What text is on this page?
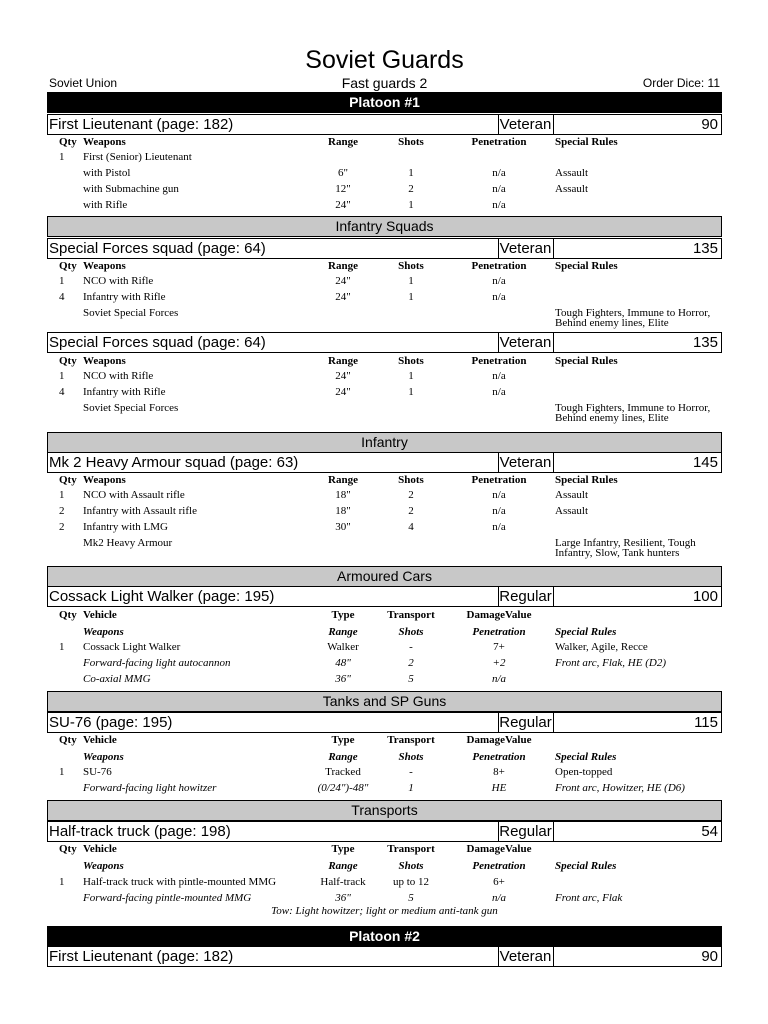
Soviet Guards
Soviet Union	Fast guards 2	Order Dice: 11
Platoon #1
First Lieutenant (page: 182)	Veteran	90
Qty Weapons	Range	Shots	Penetration	Special Rules
1 First (Senior) Lieutenant
with Pistol	6"	1	n/a	Assault
with Submachine gun	12"	2	n/a	Assault
with Rifle	24"	1	n/a
Infantry Squads
Special Forces squad (page: 64)	Veteran	135
Qty Weapons	Range	Shots	Penetration	Special Rules
1 NCO with Rifle	24"	1	n/a
4 Infantry with Rifle	24"	1	n/a
Soviet Special Forces	Tough Fighters, Immune to Horror, Behind enemy lines, Elite
Special Forces squad (page: 64)	Veteran	135
Qty Weapons	Range	Shots	Penetration	Special Rules
1 NCO with Rifle	24"	1	n/a
4 Infantry with Rifle	24"	1	n/a
Soviet Special Forces	Tough Fighters, Immune to Horror, Behind enemy lines, Elite
Infantry
Mk 2 Heavy Armour squad (page: 63)	Veteran	145
Qty Weapons	Range	Shots	Penetration	Special Rules
1 NCO with Assault rifle	18"	2	n/a	Assault
2 Infantry with Assault rifle	18"	2	n/a	Assault
2 Infantry with LMG	30"	4	n/a
Mk2 Heavy Armour	Large Infantry, Resilient, Tough Infantry, Slow, Tank hunters
Armoured Cars
Cossack Light Walker (page: 195)	Regular	100
Qty Vehicle	Type	Transport	DamageValue
Weapons	Range	Shots	Penetration	Special Rules
1 Cossack Light Walker	Walker	-	7+	Walker, Agile, Recce
Forward-facing light autocannon	48"	2	+2	Front arc, Flak, HE (D2)
Co-axial MMG	36"	5	n/a
Tanks and SP Guns
SU-76 (page: 195)	Regular	115
Qty Vehicle	Type	Transport	DamageValue
Weapons	Range	Shots	Penetration	Special Rules
1 SU-76	Tracked	-	8+	Open-topped
Forward-facing light howitzer	(0/24")-48"	1	HE	Front arc, Howitzer, HE (D6)
Transports
Half-track truck (page: 198)	Regular	54
Qty Vehicle	Type	Transport	DamageValue
Weapons	Range	Shots	Penetration	Special Rules
1 Half-track truck with pintle-mounted MMG	Half-track	up to 12	6+
Forward-facing pintle-mounted MMG	36"	5	n/a	Front arc, Flak
Tow: Light howitzer; light or medium anti-tank gun
Platoon #2
First Lieutenant (page: 182)	Veteran	90
